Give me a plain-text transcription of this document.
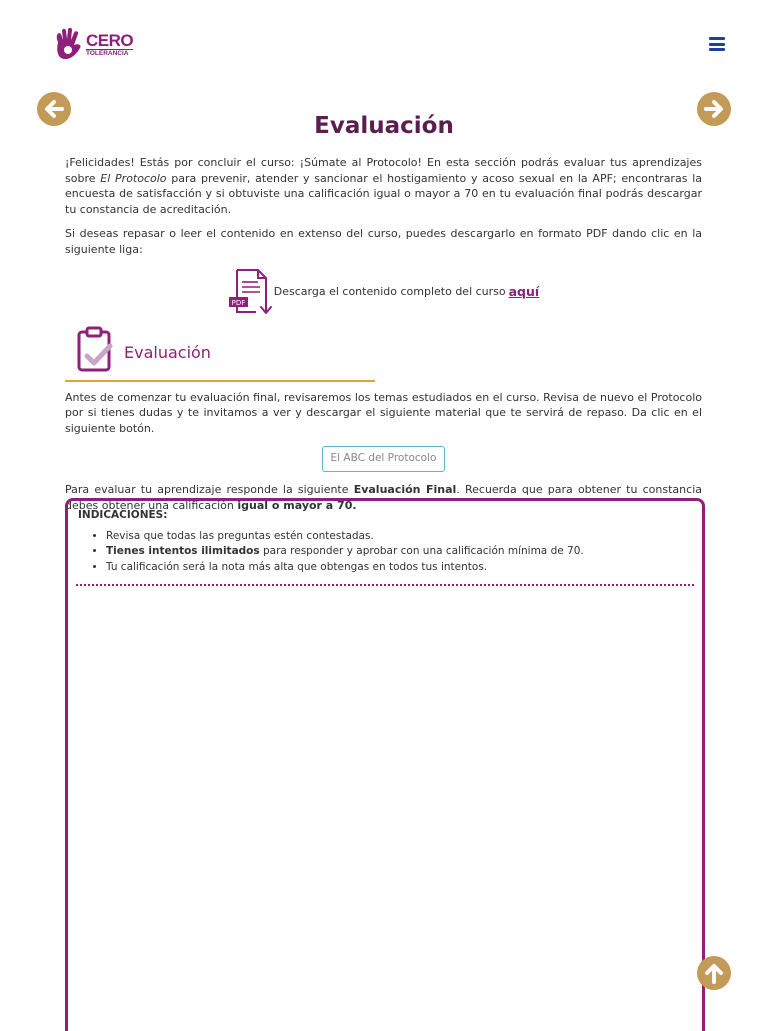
CERO
TOLERANCIA
Evaluación

¡Felicidades! Estás por concluir el curso: ¡Súmate al Protocolo! En esta sección podrás evaluar tus aprendizajes sobre El Protocolo para prevenir, atender y sancionar el hostigamiento y acoso sexual en la APF; encontraras la encuesta de satisfacción y si obtuviste una calificación igual o mayor a 70 en tu evaluación final podrás descargar tu constancia de acreditación.

Si deseas repasar o leer el contenido en extenso del curso, puedes descargarlo en formato PDF dando clic en la siguiente liga:

PDF
Descarga el contenido completo del curso aquí
Evaluación

Antes de comenzar tu evaluación final, revisaremos los temas estudiados en el curso. Revisa de nuevo el Protocolo por si tienes dudas y te invitamos a ver y descargar el siguiente material que te servirá de repaso. Da clic en el siguiente botón.

El ABC del Protocolo

Para evaluar tu aprendizaje responde la siguiente Evaluación Final. Recuerda que para obtener tu constancia debes obtener una calificación igual o mayor a 70.

INDICACIONES:
• Revisa que todas las preguntas estén contestadas.
• Tienes intentos ilimitados para responder y aprobar con una calificación mínima de 70.
• Tu calificación será la nota más alta que obtengas en todos tus intentos.
